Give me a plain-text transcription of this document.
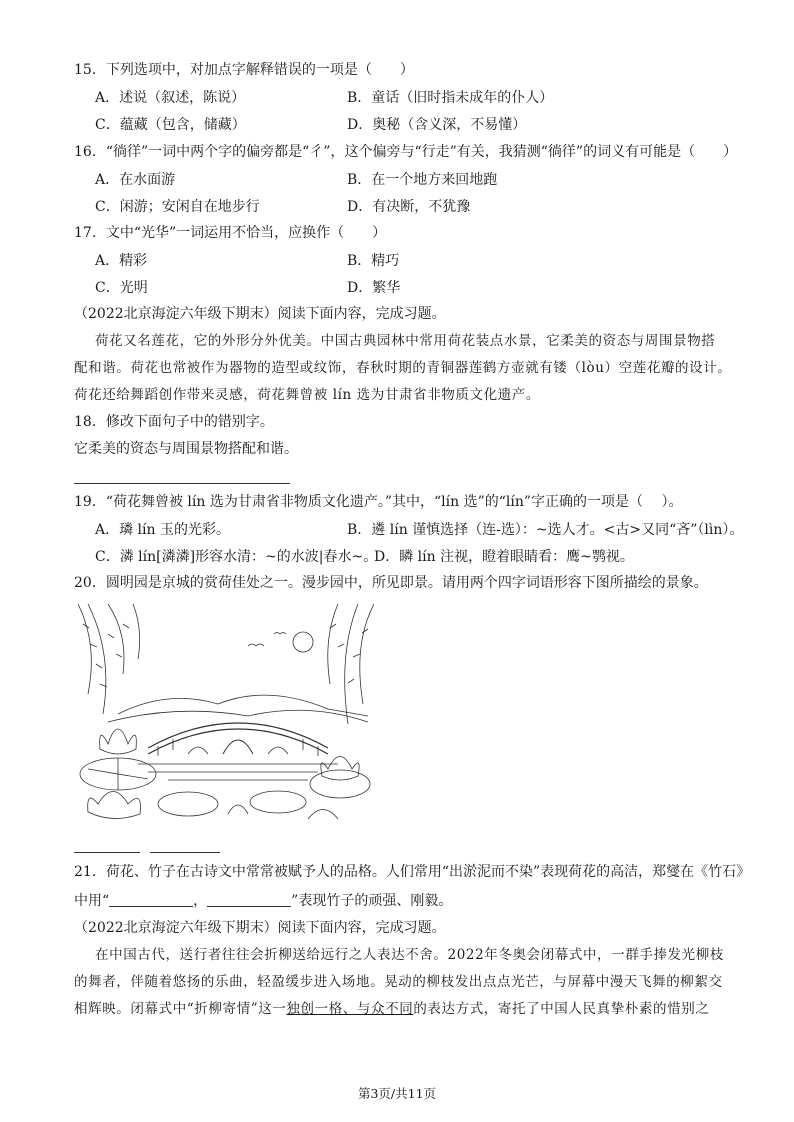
15．下列选项中，对加点字解释错误的一项是（　　）
A．述说（叙述，陈说）	B．童话（旧时指未成年的仆人）
C．蕴藏（包含，储藏）	D．奥秘（含义深，不易懂）
16．“徜徉”一词中两个字的偏旁都是“彳”，这个偏旁与“行走”有关，我猜测“徜徉”的词义有可能是（　　）
A．在水面游	B．在一个地方来回地跑
C．闲游；安闲自在地步行	D．有决断，不犹豫
17．文中“光华”一词运用不恰当，应换作（　　）
A．精彩	B．精巧
C．光明	D．繁华
（2022北京海淀六年级下期末）阅读下面内容，完成习题。
荷花又名莲花，它的外形分外优美。中国古典园林中常用荷花装点水景，它柔美的资态与周围景物搭
配和谐。荷花也常被作为器物的造型或纹饰，春秋时期的青铜器莲鹤方壶就有镂（lòu）空莲花瓣的设计。
荷花还给舞蹈创作带来灵感，荷花舞曾被 lín 选为甘肃省非物质文化遗产。
18．修改下面句子中的错别字。
它柔美的资态与周围景物搭配和谐。
19．“荷花舞曾被 lín 选为甘肃省非物质文化遗产。”其中，“lín 选”的“lín”字正确的一项是（　 ）。
A．璘 lín 玉的光彩。	B．遴 lín 谨慎选择（连-选）：~选人才。<古>又同“吝”（lìn）。
C．潾 lín[潾潾]形容水清：~的水波|春水~。
D．瞵 lín 注视，瞪着眼睛看：鹰~鹗视。
20．圆明园是京城的赏荷佳处之一。漫步园中，所见即景。请用两个四字词语形容下图所描绘的景象。
21．荷花、竹子在古诗文中常常被赋予人的品格。人们常用“出淤泥而不染”表现荷花的高洁，郑燮在《竹石》
中用“	，	”表现竹子的顽强、刚毅。
（2022北京海淀六年级下期末）阅读下面内容，完成习题。
在中国古代，送行者往往会折柳送给远行之人表达不舍。2022年冬奥会闭幕式中，一群手捧发光柳枝
的舞者，伴随着悠扬的乐曲，轻盈缓步进入场地。晃动的柳枝发出点点光芒，与屏幕中漫天飞舞的柳絮交
相辉映。闭幕式中“折柳寄情”这一独创一格、与众不同的表达方式，寄托了中国人民真挚朴素的惜别之
第3页/共11页
